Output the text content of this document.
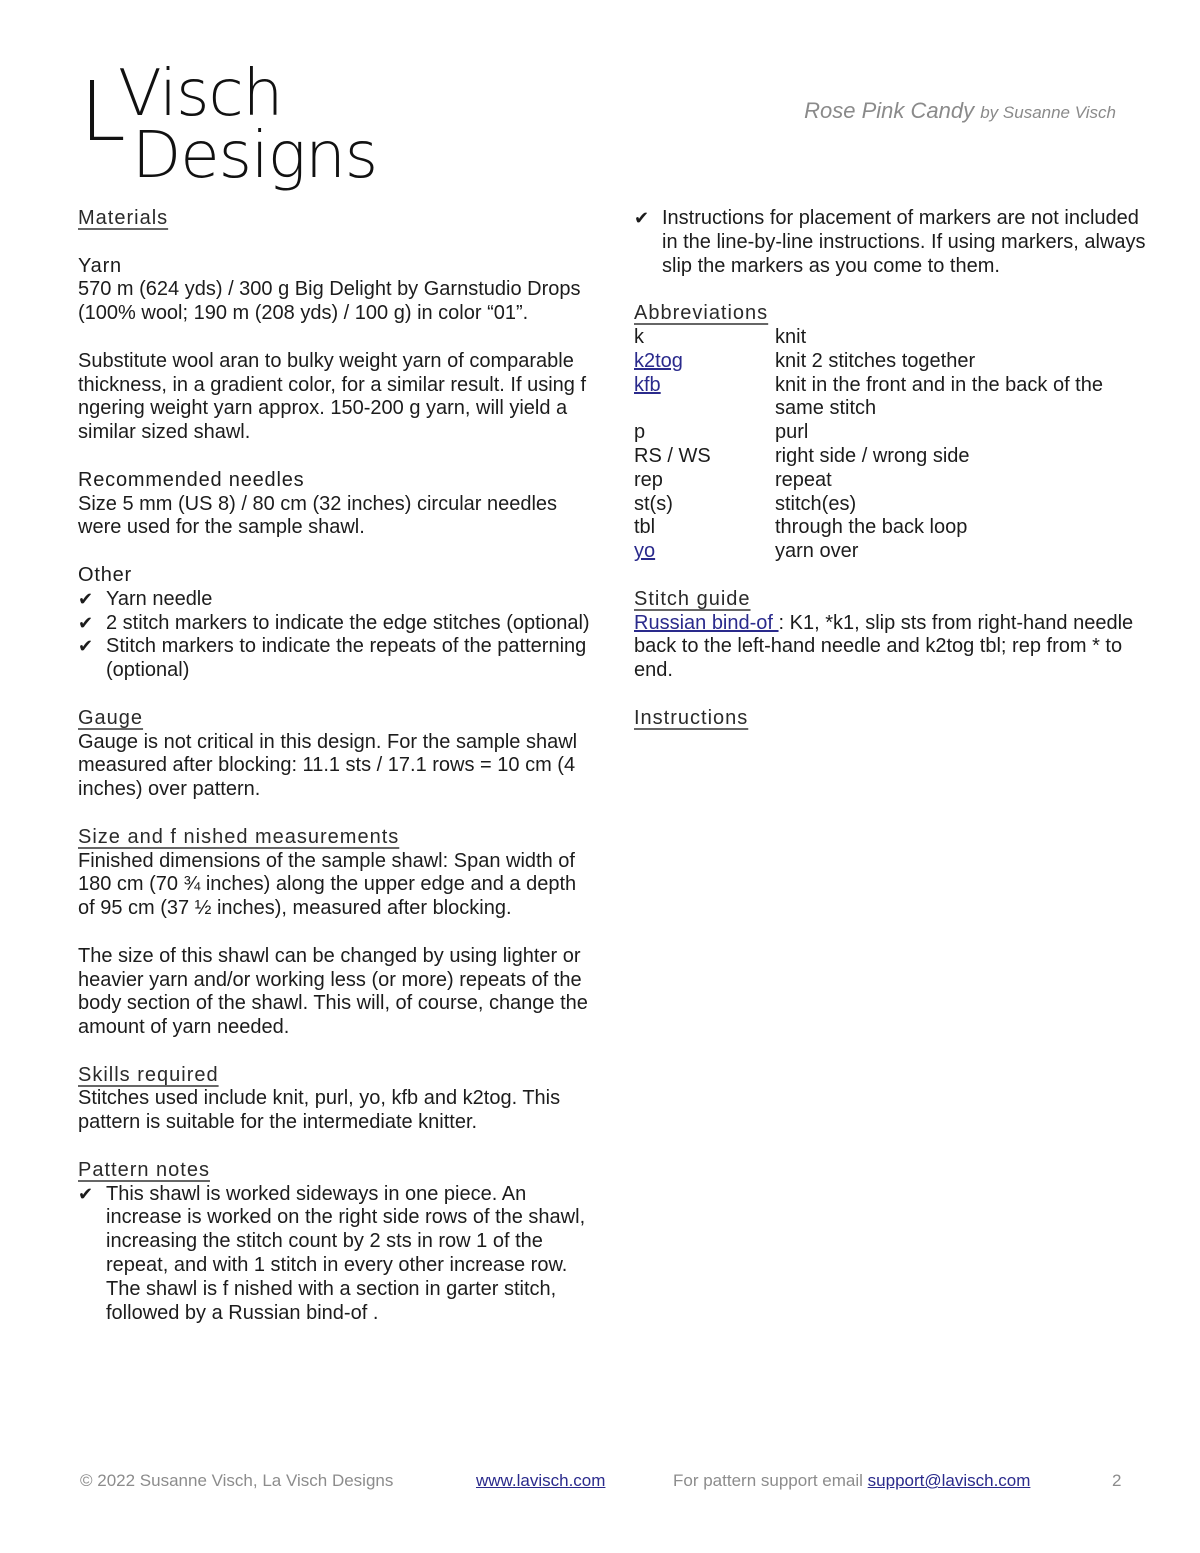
L
Visch
Designs
Rose Pink Candy by Susanne Visch
Materials
Yarn
570 m (624 yds) / 300 g Big Delight by Garnstudio Drops (100% wool; 190 m (208 yds) / 100 g) in color “01”.
Substitute wool aran to bulky weight yarn of comparable thickness, in a gradient color, for a similar result. If using f ngering weight yarn approx. 150-200 g yarn, will yield a similar sized shawl.
Recommended needles
Size 5 mm (US 8) / 80 cm (32 inches) circular needles were used for the sample shawl.
Other
✔ Yarn needle
✔ 2 stitch markers to indicate the edge stitches (optional)
✔ Stitch markers to indicate the repeats of the patterning (optional)
Gauge
Gauge is not critical in this design. For the sample shawl measured after blocking: 11.1 sts / 17.1 rows = 10 cm (4 inches) over pattern.
Size and f nished measurements
Finished dimensions of the sample shawl: Span width of 180 cm (70 ¾ inches) along the upper edge and a depth of 95 cm (37 ½ inches), measured after blocking.
The size of this shawl can be changed by using lighter or heavier yarn and/or working less (or more) repeats of the body section of the shawl. This will, of course, change the amount of yarn needed.
Skills required
Stitches used include knit, purl, yo, kfb and k2tog. This pattern is suitable for the intermediate knitter.
Pattern notes
✔ This shawl is worked sideways in one piece. An increase is worked on the right side rows of the shawl, increasing the stitch count by 2 sts in row 1 of the repeat, and with 1 stitch in every other increase row. The shawl is f nished with a section in garter stitch, followed by a Russian bind-of .
✔ Instructions for placement of markers are not included in the line-by-line instructions. If using markers, always slip the markers as you come to them.
Abbreviations
k	knit
k2tog	knit 2 stitches together
kfb	knit in the front and in the back of the same stitch
p	purl
RS / WS	right side / wrong side
rep	repeat
st(s)	stitch(es)
tbl	through the back loop
yo	yarn over
Stitch guide
Russian bind-of : K1, *k1, slip sts from right-hand needle back to the left-hand needle and k2tog tbl; rep from * to end.
Instructions
© 2022 Susanne Visch, La Visch Designs	www.lavisch.com	For pattern support email support@lavisch.com	2
